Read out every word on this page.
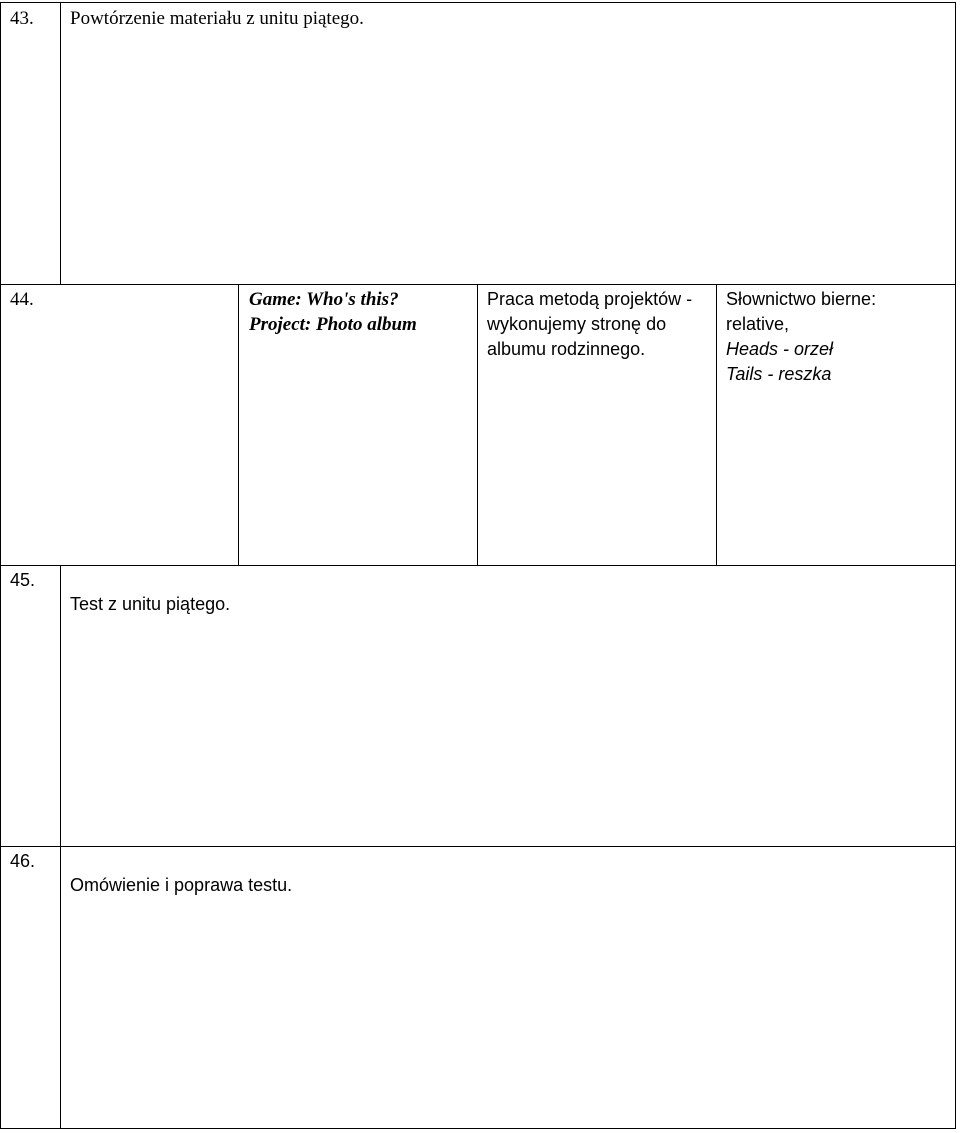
43. Powtórzenie materiału z unitu piątego.

44.	Game: Who's this?
Project: Photo album
Praca metodą projektów -
wykonujemy stronę do
albumu rodzinnego.
Słownictwo bierne:
relative,
Heads - orzeł
Tails - reszka

45.

Test z unitu piątego.

46.

Omówienie i poprawa testu.
